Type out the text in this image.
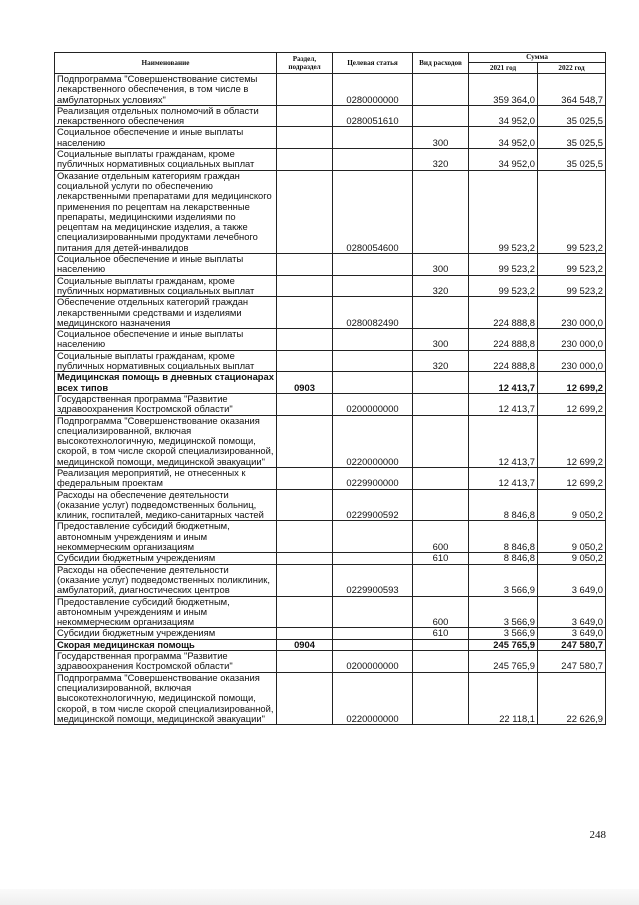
Наименование	Раздел, подраздел	Целевая статья	Вид расходов	Сумма	
				2021 год	2022 год
Подпрограмма "Совершенствование системы лекарственного обеспечения, в том числе в амбулаторных условиях"		0280000000		359 364,0	364 548,7
Реализация отдельных полномочий в области лекарственного обеспечения		0280051610		34 952,0	35 025,5
Социальное обеспечение и иные выплаты населению			300	34 952,0	35 025,5
Социальные выплаты гражданам, кроме публичных нормативных социальных выплат			320	34 952,0	35 025,5
Оказание отдельным категориям граждан социальной услуги по обеспечению лекарственными препаратами для медицинского применения по рецептам на лекарственные препараты, медицинскими изделиями по рецептам на медицинские изделия, а также специализированными продуктами лечебного питания для детей-инвалидов		0280054600		99 523,2	99 523,2
Социальное обеспечение и иные выплаты населению			300	99 523,2	99 523,2
Социальные выплаты гражданам, кроме публичных нормативных социальных выплат			320	99 523,2	99 523,2
Обеспечение отдельных категорий граждан лекарственными средствами и изделиями медицинского назначения		0280082490		224 888,8	230 000,0
Социальное обеспечение и иные выплаты населению			300	224 888,8	230 000,0
Социальные выплаты гражданам, кроме публичных нормативных социальных выплат			320	224 888,8	230 000,0
Медицинская помощь в дневных стационарах всех типов	0903			12 413,7	12 699,2
Государственная программа "Развитие здравоохранения Костромской области"		0200000000		12 413,7	12 699,2
Подпрограмма "Совершенствование оказания специализированной, включая высокотехнологичную, медицинской помощи, скорой, в том числе скорой специализированной, медицинской помощи, медицинской эвакуации"		0220000000		12 413,7	12 699,2
Реализация мероприятий, не отнесенных к федеральным проектам		0229900000		12 413,7	12 699,2
Расходы на обеспечение деятельности (оказание услуг) подведомственных больниц, клиник, госпиталей, медико-санитарных частей		0229900592		8 846,8	9 050,2
Предоставление субсидий бюджетным, автономным учреждениям и иным некоммерческим организациям			600	8 846,8	9 050,2
Субсидии бюджетным учреждениям			610	8 846,8	9 050,2
Расходы на обеспечение деятельности (оказание услуг) подведомственных поликлиник, амбулаторий, диагностических центров		0229900593		3 566,9	3 649,0
Предоставление субсидий бюджетным, автономным учреждениям и иным некоммерческим организациям			600	3 566,9	3 649,0
Субсидии бюджетным учреждениям			610	3 566,9	3 649,0
Скорая медицинская помощь	0904			245 765,9	247 580,7
Государственная программа "Развитие здравоохранения Костромской области"		0200000000		245 765,9	247 580,7
Подпрограмма "Совершенствование оказания специализированной, включая высокотехнологичную, медицинской помощи, скорой, в том числе скорой специализированной, медицинской помощи, медицинской эвакуации"		0220000000		22 118,1	22 626,9
248
